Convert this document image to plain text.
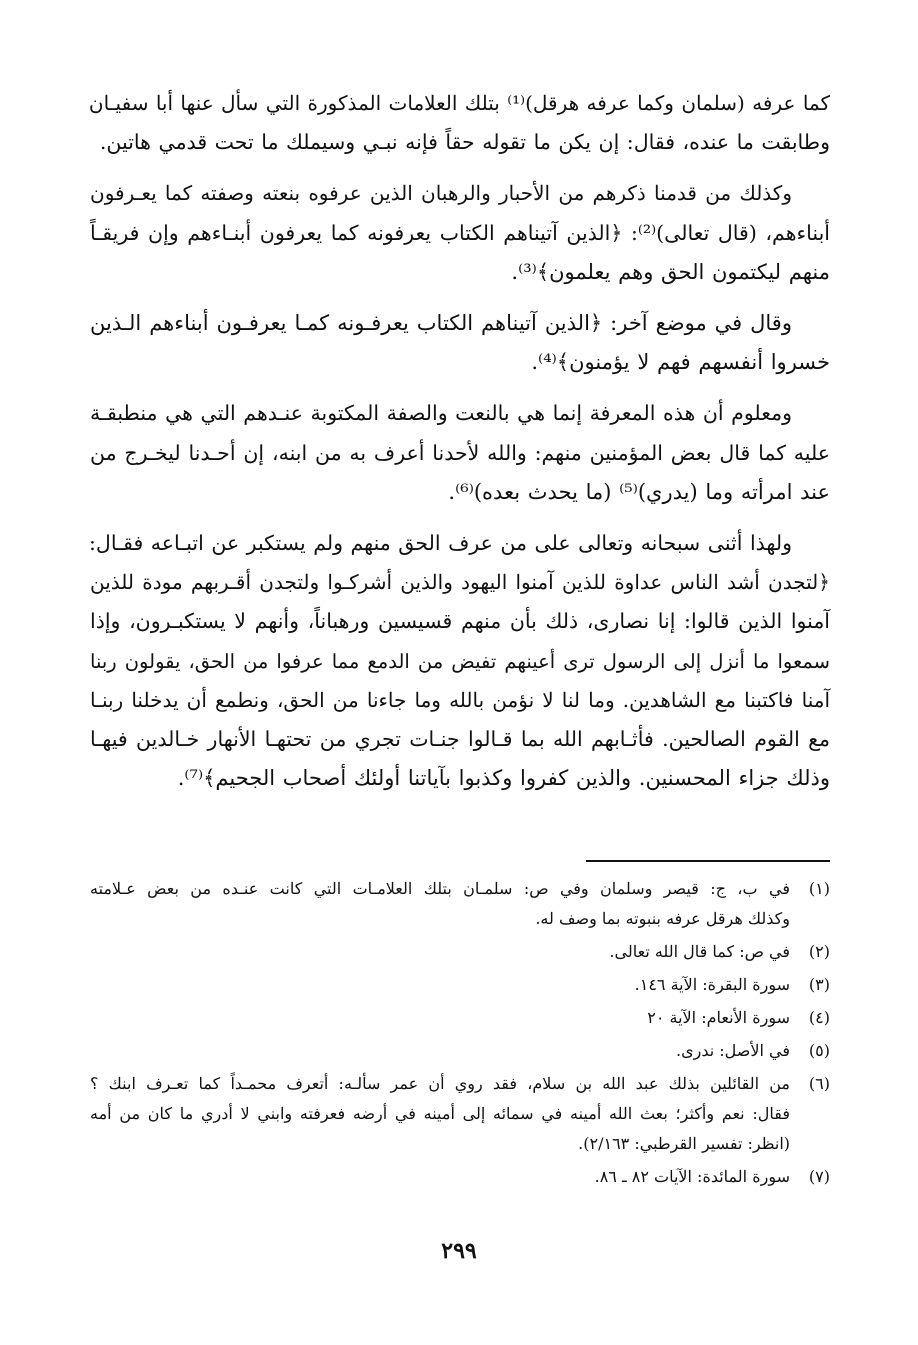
كما عرفه (سلمان وكما عرفه هرقل)⁽¹⁾ بتلك العلامات المذكورة التي سأل عنها أبا سفيـان
وطابقت ما عنده، فقال: إن يكن ما تقوله حقاً فإنه نبـي وسيملك ما تحت قدمي هاتين.
وكذلك من قدمنا ذكرهم من الأحبار والرهبان الذين عرفوه بنعته وصفته كما يعـرفون
أبناءهم، (قال تعالى)⁽²⁾: ﴿الذين آتيناهم الكتاب يعرفونه كما يعرفون أبنـاءهم وإن فريقـاً
منهم ليكتمون الحق وهم يعلمون﴾⁽³⁾.
وقال في موضع آخر: ﴿الذين آتيناهم الكتاب يعرفـونه كمـا يعرفـون أبناءهم الـذين
خسروا أنفسهم فهم لا يؤمنون﴾⁽⁴⁾.
ومعلوم أن هذه المعرفة إنما هي بالنعت والصفة المكتوبة عنـدهم التي هي منطبقـة
عليه كما قال بعض المؤمنين منهم: والله لأحدنا أعرف به من ابنه، إن أحـدنا ليخـرج من
عند امرأته وما (يدري)⁽⁵⁾ (ما يحدث بعده)⁽⁶⁾.
ولهذا أثنى سبحانه وتعالى على من عرف الحق منهم ولم يستكبر عن اتبـاعه فقـال:
﴿لتجدن أشد الناس عداوة للذين آمنوا اليهود والذين أشركـوا ولتجدن أقـربهم مودة للذين
آمنوا الذين قالوا: إنا نصارى، ذلك بأن منهم قسيسين ورهباناً، وأنهم لا يستكبـرون، وإذا
سمعوا ما أنزل إلى الرسول ترى أعينهم تفيض من الدمع مما عرفوا من الحق، يقولون ربنا
آمنا فاكتبنا مع الشاهدين. وما لنا لا نؤمن بالله وما جاءنا من الحق، ونطمع أن يدخلنا ربنـا
مع القوم الصالحين. فأثـابهم الله بما قـالوا جنـات تجري من تحتهـا الأنهار خـالدين فيهـا
وذلك جزاء المحسنين. والذين كفروا وكذبوا بآياتنا أولئك أصحاب الجحيم﴾⁽⁷⁾.
(١)
في ب، ج: قيصر وسلمان وفي ص: سلمـان بتلك العلامـات التي كانت عنـده من بعض عـلامته
وكذلك هرقل عرفه بنبوته بما وصف له.
(٢)
في ص: كما قال الله تعالى.
(٣)
سورة البقرة: الآية ١٤٦.
(٤)
سورة الأنعام: الآية ٢٠
(٥)
في الأصل: ندرى.
(٦)
من القائلين بذلك عبد الله بن سلام، فقد روي أن عمر سألـه: أتعرف محمـداً كما تعـرف ابنك ؟
فقال: نعم وأكثر؛ بعث الله أمينه في سمائه إلى أمينه في أرضه فعرفته وابني لا أدري ما كان من أمه
(انظر: تفسير القرطبي: ٢/١٦٣).
(٧)
سورة المائدة: الآيات ٨٢ ـ ٨٦.
٢٩٩
